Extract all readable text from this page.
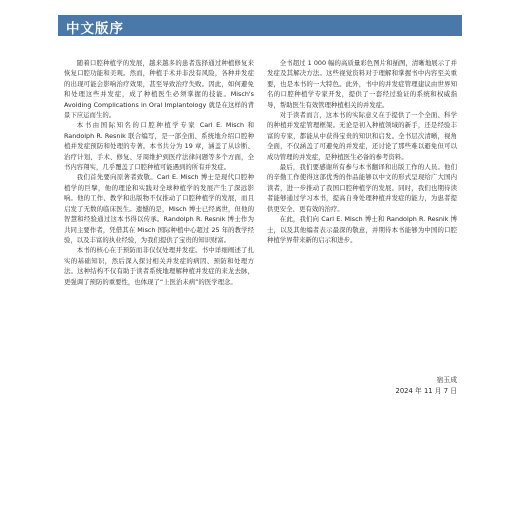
中文版序

随着口腔种植学的发展，越来越多的患者选择通过种植修复来恢复口腔功能和美观。然而，种植手术并非没有风险，各种并发症的出现可能会影响治疗效果，甚至导致治疗失败。因此，如何避免和处理这些并发症，成了种植医生必须掌握的技能。Misch's Avoiding Complications in Oral Implantology 就是在这样的背景下应运而生的。

本书由国际知名的口腔种植学专家 Carl E. Misch 和 Randolph R. Resnik 联合编写，是一部全面、系统地介绍口腔种植并发症预防和处理的专著。本书共分为 19 章，涵盖了从诊断、治疗计划、手术、修复、牙周维护到医疗法律问题等多个方面，全书内容翔实，几乎覆盖了口腔种植可能遇到的所有并发症。

我们首先要向原著者致敬。Carl E. Misch 博士是现代口腔种植学的巨擘，他的理论和实践对全球种植学的发展产生了深远影响。他的工作、教学和出版物不仅推动了口腔种植学的发展，而且启发了无数的临床医生。遗憾的是，Misch 博士已经离世，但他的智慧和经验通过这本书得以传承。Randolph R. Resnik 博士作为共同主要作者，凭借其在 Misch 国际种植中心超过 25 年的教学经验，以及丰富的执业经验，为我们提供了宝贵的知识财富。

本书的核心在于预防而非仅仅处理并发症。书中详细阐述了扎实的基础知识，然后深入探讨相关并发症的病因、预防和处理方法。这种结构不仅有助于读者系统地理解种植并发症的来龙去脉，更强调了预防的重要性，也体现了“上医治未病”的医学理念。

全书超过 1 000 幅的高质量彩色图片和插图，清晰地展示了并发症及其解决方法。这些视觉资料对于理解和掌握书中内容至关重要，也是本书的一大特色。此外，书中的并发症管理建议由世界知名的口腔种植学专家开发，提供了一套经过验证的系统和权威指导，帮助医生有效管理种植相关的并发症。

对于读者而言，这本书的实际意义在于提供了一个全面、科学的种植并发症管理框架。无论是初入种植领域的新手，还是经验丰富的专家，都能从中获得宝贵的知识和启发。全书层次清晰，视角全面，不仅涵盖了可避免的并发症，还讨论了那些难以避免但可以成功管理的并发症，是种植医生必备的参考资料。

最后，我们要感谢所有参与本书翻译和出版工作的人员。他们的辛勤工作使得这部优秀的作品能够以中文的形式呈现给广大国内读者，进一步推动了我国口腔种植学的发展。同时，我们也期待读者能够通过学习本书，提高自身处理种植并发症的能力，为患者提供更安全、更有效的治疗。

在此，我们向 Carl E. Misch 博士和 Randolph R. Resnik 博士，以及其他编者表示最深的敬意，并期待本书能够为中国的口腔种植学界带来新的启示和进步。

宿玉成
2024 年 11 月 7 日
